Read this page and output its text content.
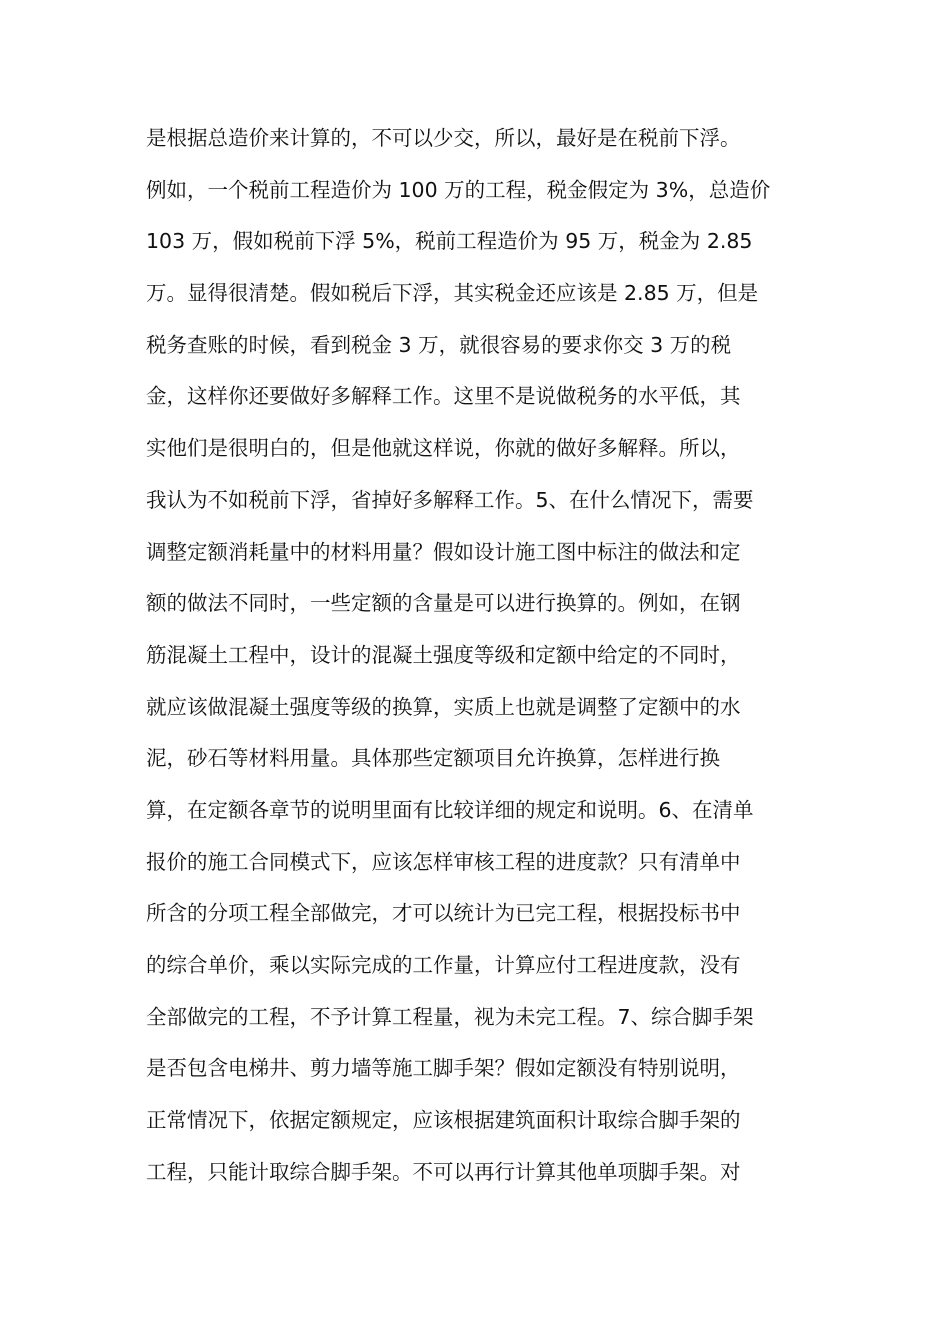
是根据总造价来计算的，不可以少交，所以，最好是在税前下浮。
例如，一个税前工程造价为 100 万的工程，税金假定为 3%，总造价
103 万，假如税前下浮 5%，税前工程造价为 95 万，税金为 2.85
万。显得很清楚。假如税后下浮，其实税金还应该是 2.85 万，但是
税务查账的时候，看到税金 3 万，就很容易的要求你交 3 万的税
金，这样你还要做好多解释工作。这里不是说做税务的水平低，其
实他们是很明白的，但是他就这样说，你就的做好多解释。所以，
我认为不如税前下浮，省掉好多解释工作。5、在什么情况下，需要
调整定额消耗量中的材料用量？假如设计施工图中标注的做法和定
额的做法不同时，一些定额的含量是可以进行换算的。例如，在钢
筋混凝土工程中，设计的混凝土强度等级和定额中给定的不同时，
就应该做混凝土强度等级的换算，实质上也就是调整了定额中的水
泥，砂石等材料用量。具体那些定额项目允许换算，怎样进行换
算，在定额各章节的说明里面有比较详细的规定和说明。6、在清单
报价的施工合同模式下，应该怎样审核工程的进度款？只有清单中
所含的分项工程全部做完，才可以统计为已完工程，根据投标书中
的综合单价，乘以实际完成的工作量，计算应付工程进度款，没有
全部做完的工程，不予计算工程量，视为未完工程。7、综合脚手架
是否包含电梯井、剪力墙等施工脚手架？假如定额没有特别说明，
正常情况下，依据定额规定，应该根据建筑面积计取综合脚手架的
工程，只能计取综合脚手架。不可以再行计算其他单项脚手架。对
